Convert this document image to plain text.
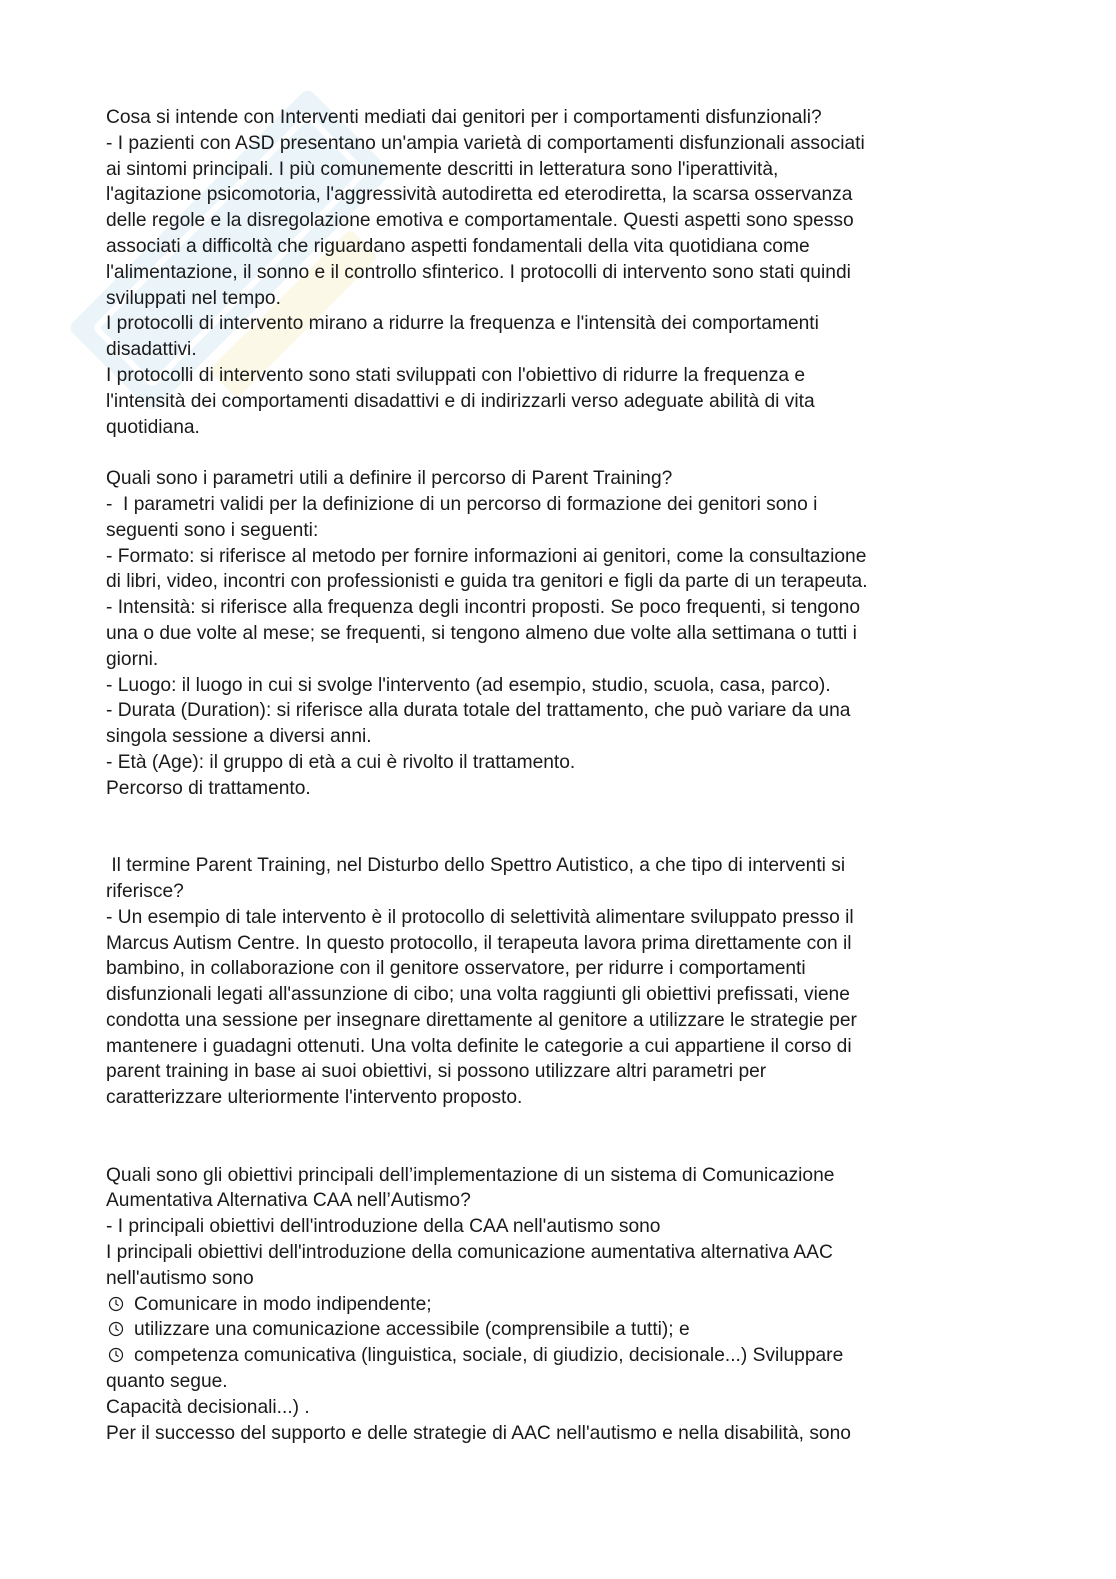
Cosa si intende con Interventi mediati dai genitori per i comportamenti disfunzionali?

- I pazienti con ASD presentano un'ampia varietà di comportamenti disfunzionali associati

ai sintomi principali. I più comunemente descritti in letteratura sono l'iperattività,

l'agitazione psicomotoria, l'aggressività autodiretta ed eterodiretta, la scarsa osservanza

delle regole e la disregolazione emotiva e comportamentale. Questi aspetti sono spesso

associati a difficoltà che riguardano aspetti fondamentali della vita quotidiana come

l'alimentazione, il sonno e il controllo sfinterico. I protocolli di intervento sono stati quindi

sviluppati nel tempo.

I protocolli di intervento mirano a ridurre la frequenza e l'intensità dei comportamenti

disadattivi.

I protocolli di intervento sono stati sviluppati con l'obiettivo di ridurre la frequenza e

l'intensità dei comportamenti disadattivi e di indirizzarli verso adeguate abilità di vita

quotidiana.

Quali sono i parametri utili a definire il percorso di Parent Training?

-  I parametri validi per la definizione di un percorso di formazione dei genitori sono i

seguenti sono i seguenti:

- Formato: si riferisce al metodo per fornire informazioni ai genitori, come la consultazione

di libri, video, incontri con professionisti e guida tra genitori e figli da parte di un terapeuta.

- Intensità: si riferisce alla frequenza degli incontri proposti. Se poco frequenti, si tengono

una o due volte al mese; se frequenti, si tengono almeno due volte alla settimana o tutti i

giorni.

- Luogo: il luogo in cui si svolge l'intervento (ad esempio, studio, scuola, casa, parco).

- Durata (Duration): si riferisce alla durata totale del trattamento, che può variare da una

singola sessione a diversi anni.

- Età (Age): il gruppo di età a cui è rivolto il trattamento.

Percorso di trattamento.

Il termine Parent Training, nel Disturbo dello Spettro Autistico, a che tipo di interventi si

riferisce?

- Un esempio di tale intervento è il protocollo di selettività alimentare sviluppato presso il

Marcus Autism Centre. In questo protocollo, il terapeuta lavora prima direttamente con il

bambino, in collaborazione con il genitore osservatore, per ridurre i comportamenti

disfunzionali legati all'assunzione di cibo; una volta raggiunti gli obiettivi prefissati, viene

condotta una sessione per insegnare direttamente al genitore a utilizzare le strategie per

mantenere i guadagni ottenuti. Una volta definite le categorie a cui appartiene il corso di

parent training in base ai suoi obiettivi, si possono utilizzare altri parametri per

caratterizzare ulteriormente l'intervento proposto.

Quali sono gli obiettivi principali dell’implementazione di un sistema di Comunicazione

Aumentativa Alternativa CAA nell’Autismo?

- I principali obiettivi dell'introduzione della CAA nell'autismo sono

I principali obiettivi dell'introduzione della comunicazione aumentativa alternativa AAC

nell'autismo sono

Comunicare in modo indipendente;

utilizzare una comunicazione accessibile (comprensibile a tutti); e

competenza comunicativa (linguistica, sociale, di giudizio, decisionale...) Sviluppare

quanto segue.

Capacità decisionali...) .

Per il successo del supporto e delle strategie di AAC nell'autismo e nella disabilità, sono
